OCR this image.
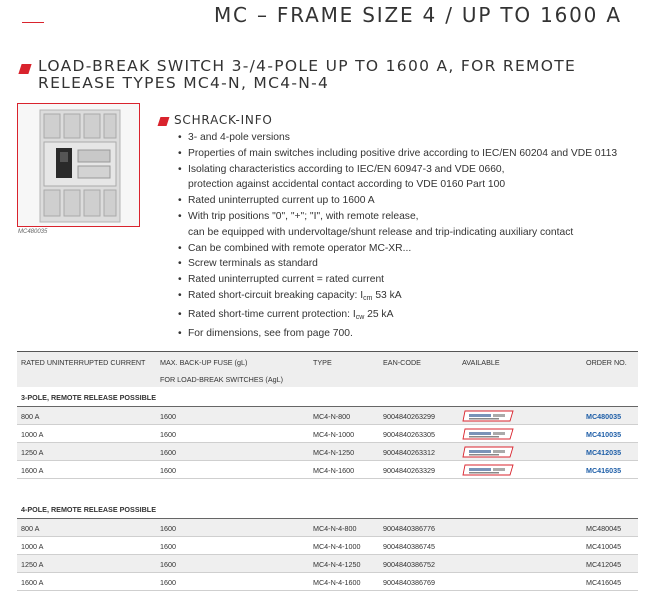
MC – FRAME SIZE 4 / UP TO 1600 A
LOAD-BREAK SWITCH 3-/4-POLE UP TO 1600 A, FOR REMOTE
RELEASE TYPES MC4-N, MC4-N-4
MC480035
SCHRACK-INFO
• 3- and 4-pole versions
• Properties of main switches including positive drive according to IEC/EN 60204 and VDE 0113
• Isolating characteristics according to IEC/EN 60947-3 and VDE 0660,
protection against accidental contact according to VDE 0160 Part 100
• Rated uninterrupted current up to 1600 A
• With trip positions "0", "+"; "I", with remote release,
can be equipped with undervoltage/shunt release and trip-indicating auxiliary contact
• Can be combined with remote operator MC-XR...
• Screw terminals as standard
• Rated uninterrupted current = rated current
• Rated short-circuit breaking capacity: $I_{cm}$ 53 kA
• Rated short-time current protection: $I_{cw}$ 25 kA
• For dimensions, see from page 700.
RATED UNINTERRUPTED CURRENT MAX. BACK-UP FUSE (gL)
FOR LOAD-BREAK SWITCHES (AgL)
TYPE	EAN-CODE	AVAILABLE	ORDER NO.
3-POLE, REMOTE RELEASE POSSIBLE
800 A	1600	MC4-N-800	9004840263299	MC480035
1000 A	1600	MC4-N-1000	9004840263305	MC410035
1250 A	1600	MC4-N-1250	9004840263312	MC412035
1600 A	1600	MC4-N-1600	9004840263329	MC416035
4-POLE, REMOTE RELEASE POSSIBLE
800 A	1600	MC4-N-4-800	9004840386776	MC480045
1000 A	1600	MC4-N-4-1000	9004840386745	MC410045
1250 A	1600	MC4-N-4-1250	9004840386752	MC412045
1600 A	1600	MC4-N-4-1600	9004840386769	MC416045
